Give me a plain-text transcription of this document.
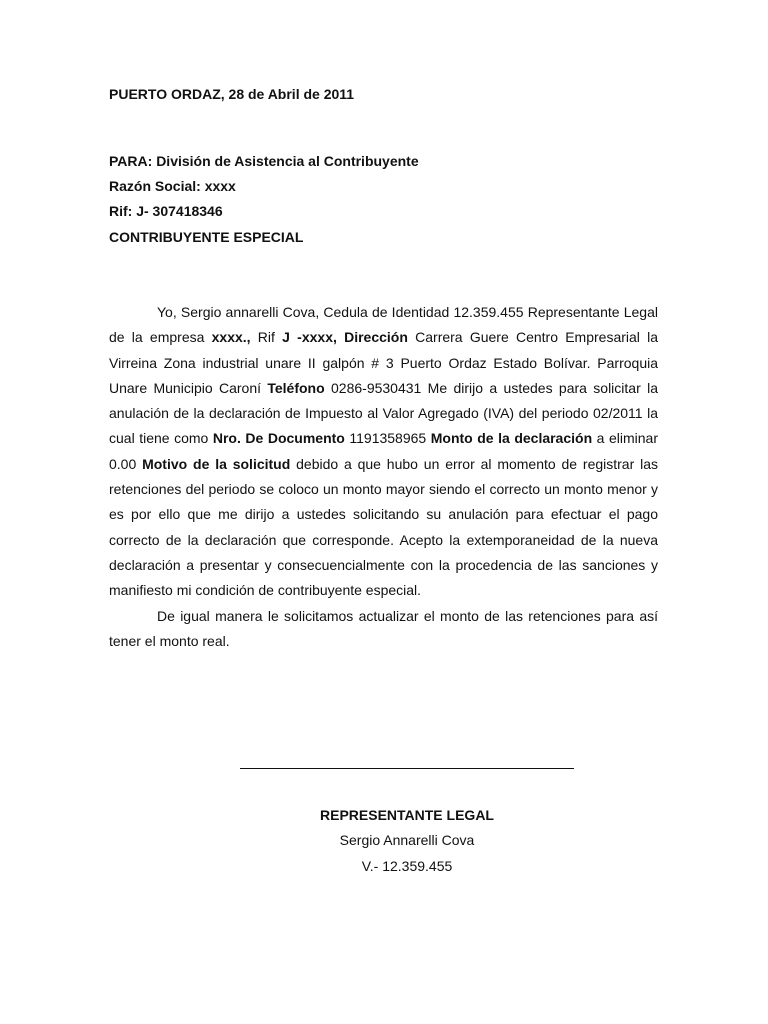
PUERTO ORDAZ, 28 de Abril de 2011
PARA: División de Asistencia al Contribuyente
Razón Social: xxxx
Rif: J- 307418346
CONTRIBUYENTE ESPECIAL

Yo, Sergio annarelli Cova, Cedula de Identidad 12.359.455 Representante Legal de la empresa xxxx., Rif J -xxxx, Dirección Carrera Guere Centro Empresarial la Virreina Zona industrial unare II galpón # 3 Puerto Ordaz Estado Bolívar. Parroquia Unare Municipio Caroní Teléfono 0286-9530431 Me dirijo a ustedes para solicitar la anulación de la declaración de Impuesto al Valor Agregado (IVA) del periodo 02/2011 la cual tiene como Nro. De Documento 1191358965 Monto de la declaración a eliminar 0.00 Motivo de la solicitud debido a que hubo un error al momento de registrar las retenciones del periodo se coloco un monto mayor siendo el correcto un monto menor y es por ello que me dirijo a ustedes solicitando su anulación para efectuar el pago correcto de la declaración que corresponde. Acepto la extemporaneidad de la nueva declaración a presentar y consecuencialmente con la procedencia de las sanciones y manifiesto mi condición de contribuyente especial.

De igual manera le solicitamos actualizar el monto de las retenciones para así tener el monto real.

REPRESENTANTE LEGAL
Sergio Annarelli Cova
V.- 12.359.455
